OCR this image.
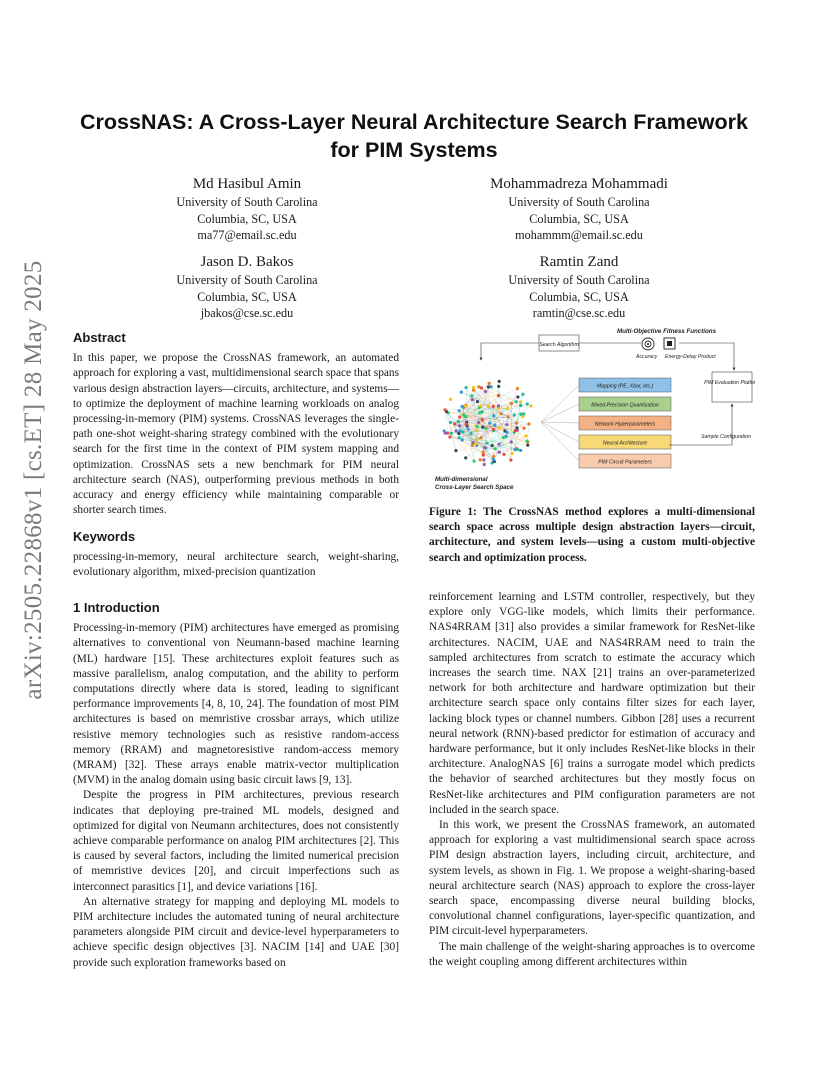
arXiv:2505.22868v1 [cs.ET] 28 May 2025
CrossNAS: A Cross-Layer Neural Architecture Search Framework
for PIM Systems
Md Hasibul Amin
University of South Carolina
Columbia, SC, USA
ma77@email.sc.edu
Mohammadreza Mohammadi
University of South Carolina
Columbia, SC, USA
mohammm@email.sc.edu
Jason D. Bakos
University of South Carolina
Columbia, SC, USA
jbakos@cse.sc.edu
Ramtin Zand
University of South Carolina
Columbia, SC, USA
ramtin@cse.sc.edu
Abstract

In this paper, we propose the CrossNAS framework, an automated approach for exploring a vast, multidimensional search space that spans various design abstraction layers—circuits, architecture, and systems—to optimize the deployment of machine learning workloads on analog processing-in-memory (PIM) systems. CrossNAS leverages the single-path one-shot weight-sharing strategy combined with the evolutionary search for the first time in the context of PIM system mapping and optimization. CrossNAS sets a new benchmark for PIM neural architecture search (NAS), outperforming previous methods in both accuracy and energy efficiency while maintaining comparable or shorter search times.

Keywords

processing-in-memory, neural architecture search, weight-sharing, evolutionary algorithm, mixed-precision quantization

1 Introduction

Processing-in-memory (PIM) architectures have emerged as promising alternatives to conventional von Neumann-based machine learning (ML) hardware [15]. These architectures exploit features such as massive parallelism, analog computation, and the ability to perform computations directly where data is stored, leading to significant performance improvements [4, 8, 10, 24]. The foundation of most PIM architectures is based on memristive crossbar arrays, which utilize resistive memory technologies such as resistive random-access memory (RRAM) and magnetoresistive random-access memory (MRAM) [32]. These arrays enable matrix-vector multiplication (MVM) in the analog domain using basic circuit laws [9, 13].

Despite the progress in PIM architectures, previous research indicates that deploying pre-trained ML models, designed and optimized for digital von Neumann architectures, does not consistently achieve comparable performance on analog PIM architectures [2]. This is caused by several factors, including the limited numerical precision of memristive devices [20], and circuit imperfections such as interconnect parasitics [1], and device variations [16].

An alternative strategy for mapping and deploying ML models to PIM architecture includes the automated tuning of neural architecture parameters alongside PIM circuit and device-level hyperparameters to achieve specific design objectives [3]. NACIM [14] and UAE [30] provide such exploration frameworks based on

Multi-Objective Fitness Functions
Search Algorithm
Accuracy Energy-Delay Product
PIM Evaluation Platform
Mapping (PE, Xbar, etc.)
Mixed-Precision Quantization
Network Hyperparameters
Neural Architecture
PIM Circuit Parameters
Sample Configuration
Multi-dimensional
Cross-Layer Search Space
Figure 1: The CrossNAS method explores a multi-dimensional search space across multiple design abstraction layers—circuit, architecture, and system levels—using a custom multi-objective search and optimization process.

reinforcement learning and LSTM controller, respectively, but they explore only VGG-like models, which limits their performance. NAS4RRAM [31] also provides a similar framework for ResNet-like architectures. NACIM, UAE and NAS4RRAM need to train the sampled architectures from scratch to estimate the accuracy which increases the search time. NAX [21] trains an over-parameterized network for both architecture and hardware optimization but their architecture search space only contains filter sizes for each layer, lacking block types or channel numbers. Gibbon [28] uses a recurrent neural network (RNN)-based predictor for estimation of accuracy and hardware performance, but it only includes ResNet-like blocks in their architecture. AnalogNAS [6] trains a surrogate model which predicts the behavior of searched architectures but they mostly focus on ResNet-like architectures and PIM configuration parameters are not included in the search space.

In this work, we present the CrossNAS framework, an automated approach for exploring a vast multidimensional search space across PIM design abstraction layers, including circuit, architecture, and system levels, as shown in Fig. 1. We propose a weight-sharing-based neural architecture search (NAS) approach to explore the cross-layer search space, encompassing diverse neural building blocks, convolutional channel configurations, layer-specific quantization, and PIM circuit-level hyperparameters.

The main challenge of the weight-sharing approaches is to overcome the weight coupling among different architectures within
